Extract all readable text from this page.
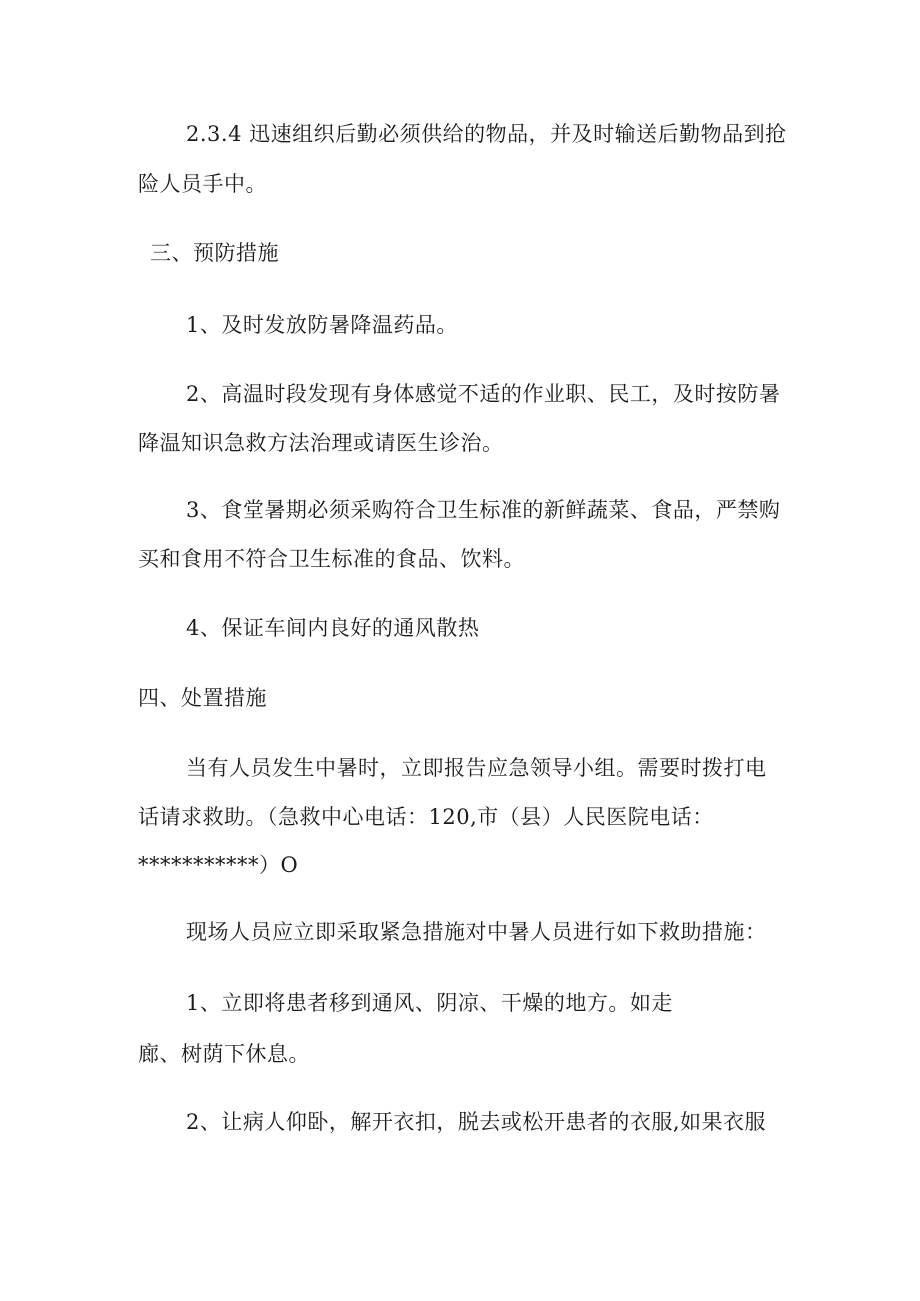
2.3.4 迅速组织后勤必须供给的物品，并及时输送后勤物品到抢
险人员手中。
三、预防措施
1、及时发放防暑降温药品。
2、高温时段发现有身体感觉不适的作业职、民工，及时按防暑
降温知识急救方法治理或请医生诊治。
3、食堂暑期必须采购符合卫生标准的新鲜蔬菜、食品，严禁购
买和食用不符合卫生标准的食品、饮料。
4、保证车间内良好的通风散热
四、处置措施
当有人员发生中暑时，立即报告应急领导小组。需要时拨打电
话请求救助。（急救中心电话：120,市（县）人民医院电话：
***********）O
现场人员应立即采取紧急措施对中暑人员进行如下救助措施：
1、立即将患者移到通风、阴凉、干燥的地方。如走
廊、树荫下休息。
2、让病人仰卧，解开衣扣，脱去或松开患者的衣服,如果衣服
